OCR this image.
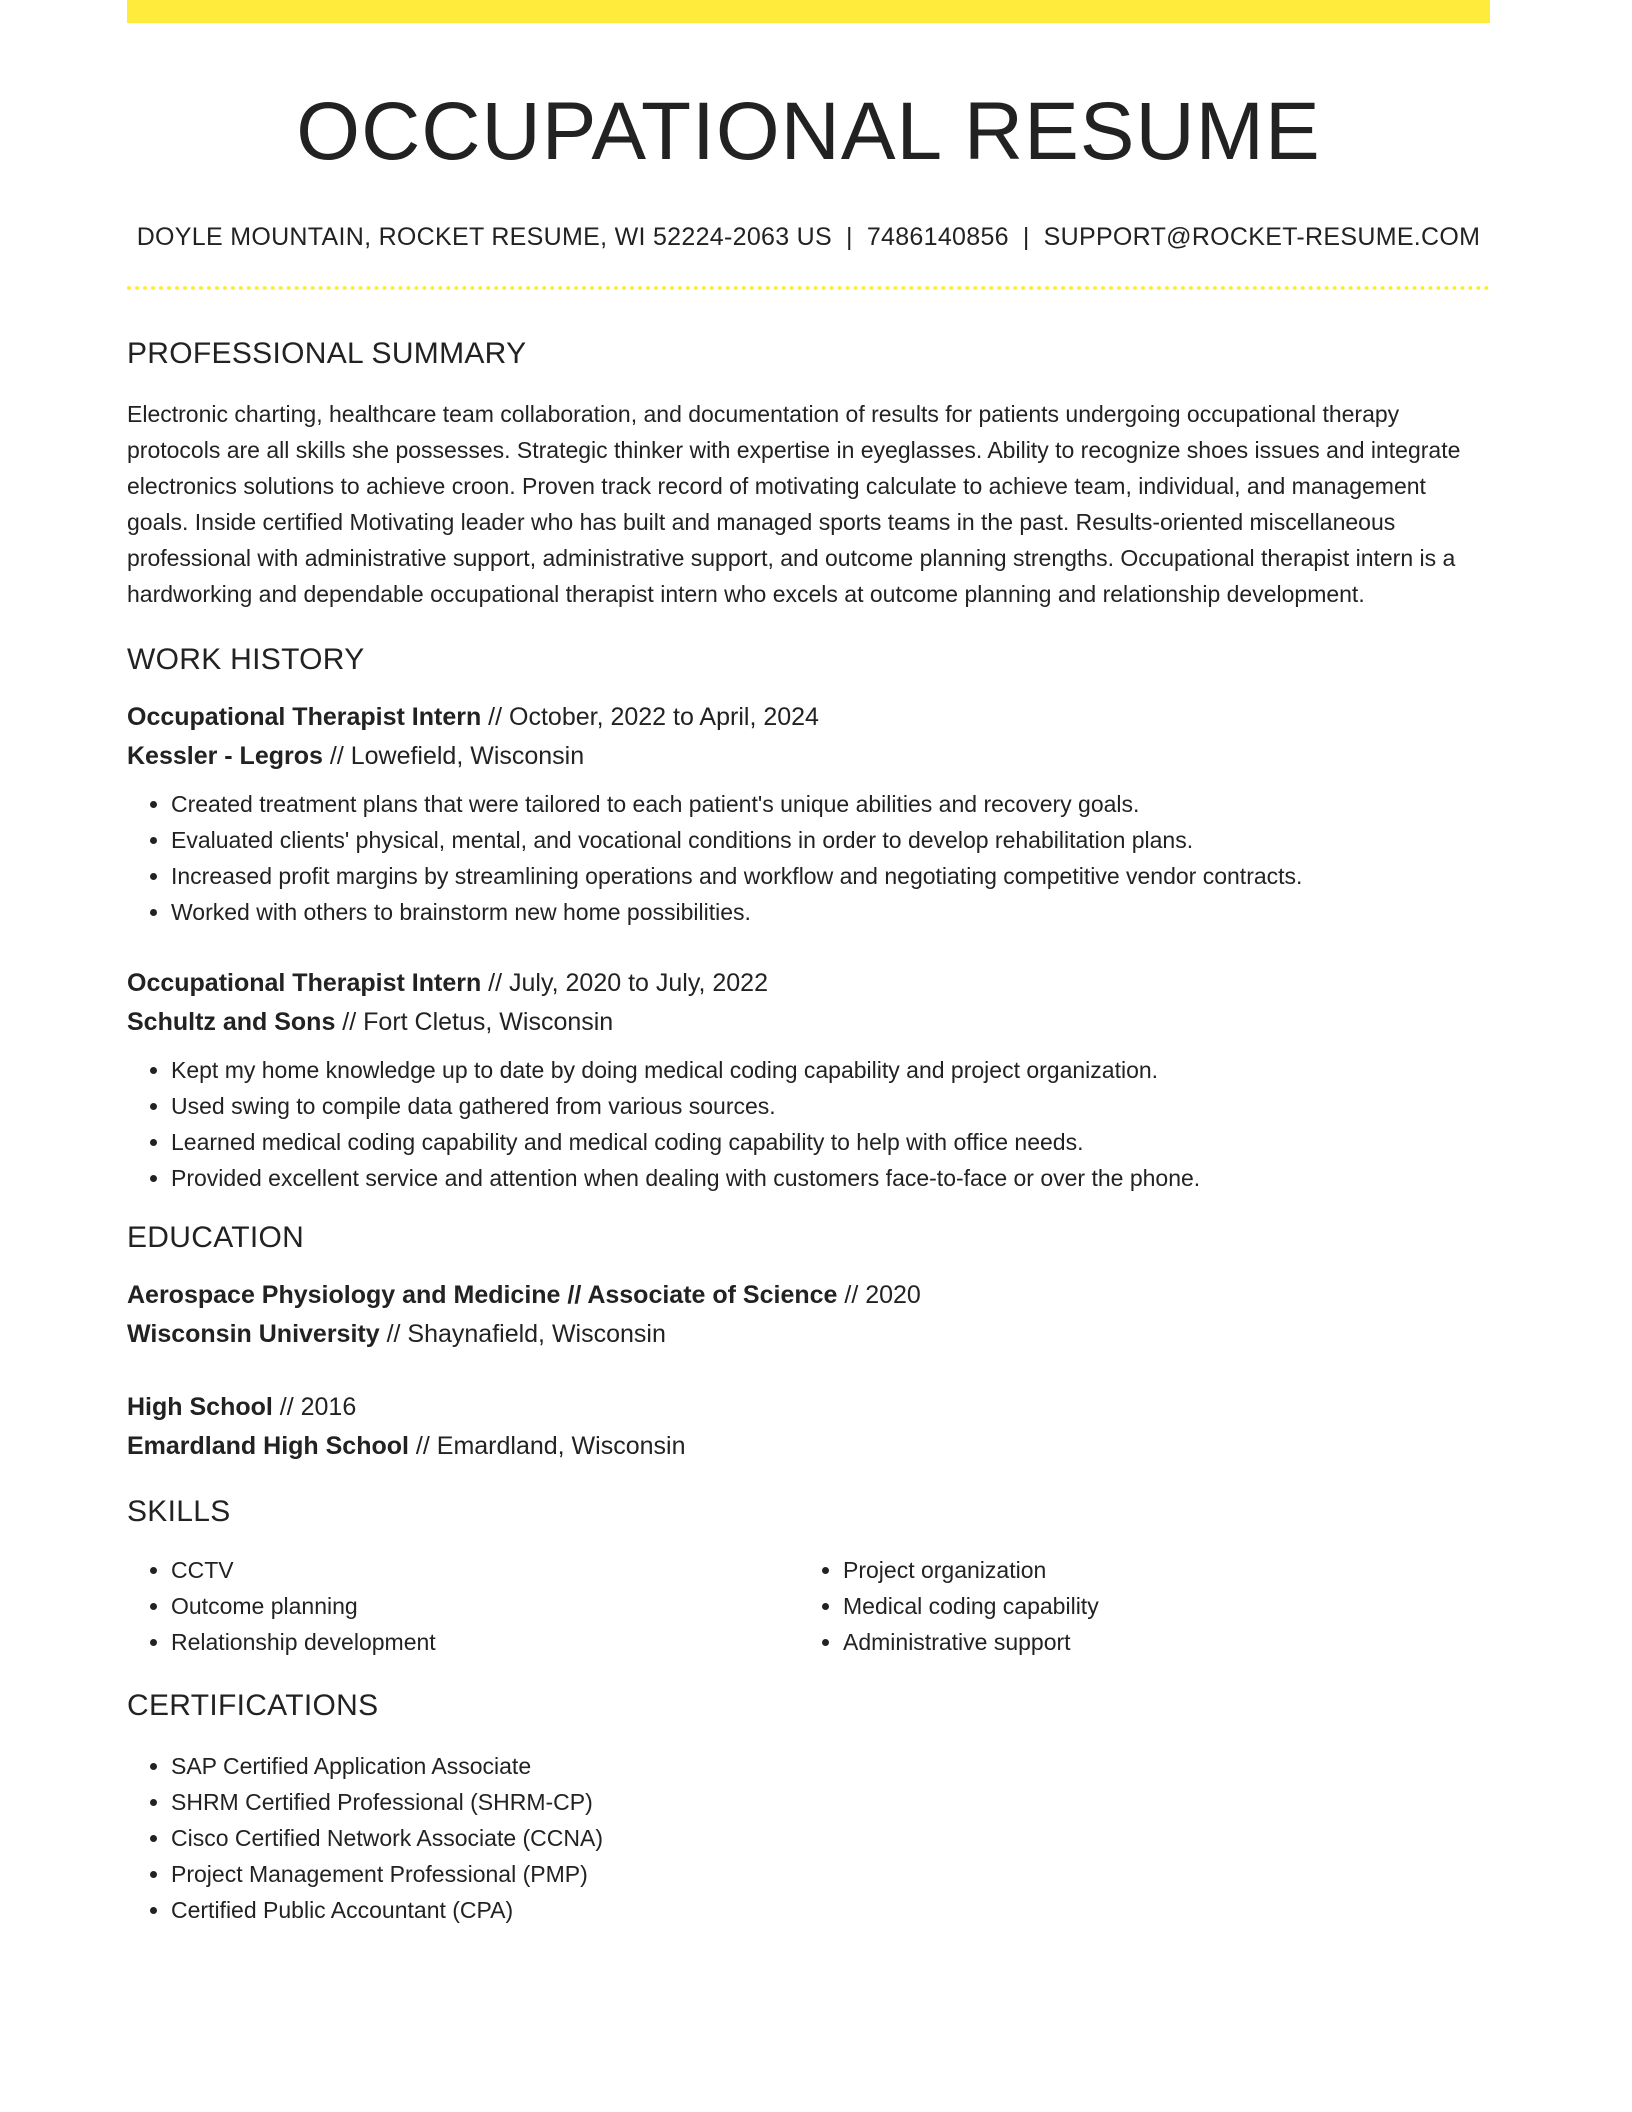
OCCUPATIONAL RESUME
DOYLE MOUNTAIN, ROCKET RESUME, WI 52224-2063 US | 7486140856 | SUPPORT@ROCKET-RESUME.COM
PROFESSIONAL SUMMARY

Electronic charting, healthcare team collaboration, and documentation of results for patients undergoing occupational therapy protocols are all skills she possesses. Strategic thinker with expertise in eyeglasses. Ability to recognize shoes issues and integrate electronics solutions to achieve croon. Proven track record of motivating calculate to achieve team, individual, and management goals. Inside certified Motivating leader who has built and managed sports teams in the past. Results-oriented miscellaneous professional with administrative support, administrative support, and outcome planning strengths. Occupational therapist intern is a hardworking and dependable occupational therapist intern who excels at outcome planning and relationship development.

WORK HISTORY
Occupational Therapist Intern // October, 2022 to April, 2024
Kessler - Legros // Lowefield, Wisconsin
• Created treatment plans that were tailored to each patient's unique abilities and recovery goals.
• Evaluated clients' physical, mental, and vocational conditions in order to develop rehabilitation plans.
• Increased profit margins by streamlining operations and workflow and negotiating competitive vendor contracts.
• Worked with others to brainstorm new home possibilities.
Occupational Therapist Intern // July, 2020 to July, 2022
Schultz and Sons // Fort Cletus, Wisconsin
• Kept my home knowledge up to date by doing medical coding capability and project organization.
• Used swing to compile data gathered from various sources.
• Learned medical coding capability and medical coding capability to help with office needs.
• Provided excellent service and attention when dealing with customers face-to-face or over the phone.
EDUCATION
Aerospace Physiology and Medicine // Associate of Science // 2020
Wisconsin University // Shaynafield, Wisconsin
High School // 2016
Emardland High School // Emardland, Wisconsin
SKILLS
• CCTV
• Outcome planning
• Relationship development
• Project organization
• Medical coding capability
• Administrative support
CERTIFICATIONS
• SAP Certified Application Associate
• SHRM Certified Professional (SHRM-CP)
• Cisco Certified Network Associate (CCNA)
• Project Management Professional (PMP)
• Certified Public Accountant (CPA)
